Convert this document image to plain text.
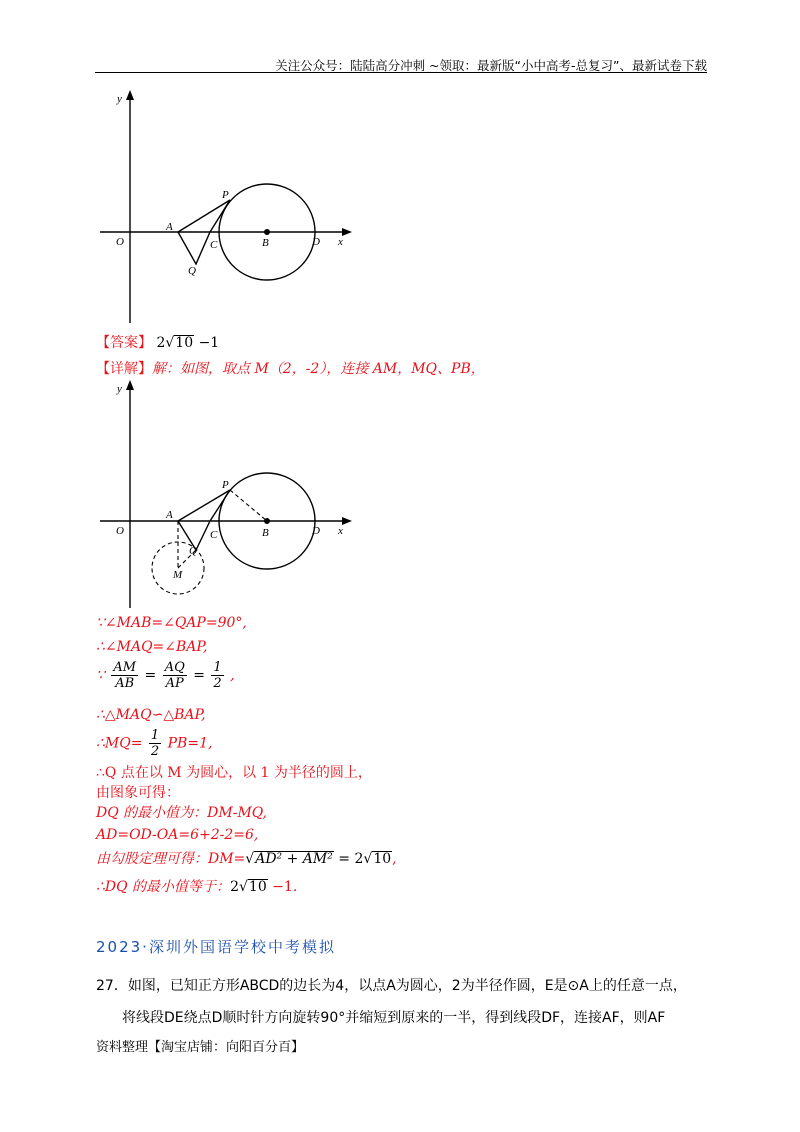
关注公众号：陆陆高分冲刺 ~领取：最新版“小中高考-总复习”、最新试卷下载
y
x
O
A
P
C	B	D
Q
【答案】 2√10 −1
【详解】解：如图，取点 M（2，-2），连接 AM，MQ、PB，
y
x
O
A
P
C	B	D
Q
M
∵∠MAB=∠QAP=90°,
∴∠MAQ=∠BAP,
∵ $\frac{AM}{AB} = \frac{AQ}{AP} = \frac{1}{2}$ ,
∴△MAQ∽△BAP,
∴MQ= $\frac{1}{2} PB=1$,
∴Q 点在以 M 为圆心，以 1 为半径的圆上，
由图象可得：
DQ 的最小值为：DM-MQ,
AD=OD-OA=6+2-2=6,
由勾股定理可得：DM=√AD² + AM² = 2√10,
∴DQ 的最小值等于：2√10 −1.
2023·深圳外国语学校中考模拟
27．如图，已知正方形ABCD的边长为4，以点A为圆心，2为半径作圆，E是⊙A上的任意一点，
将线段DE绕点D顺时针方向旋转90°并缩短到原来的一半，得到线段DF，连接AF，则AF
资料整理【淘宝店铺：向阳百分百】
